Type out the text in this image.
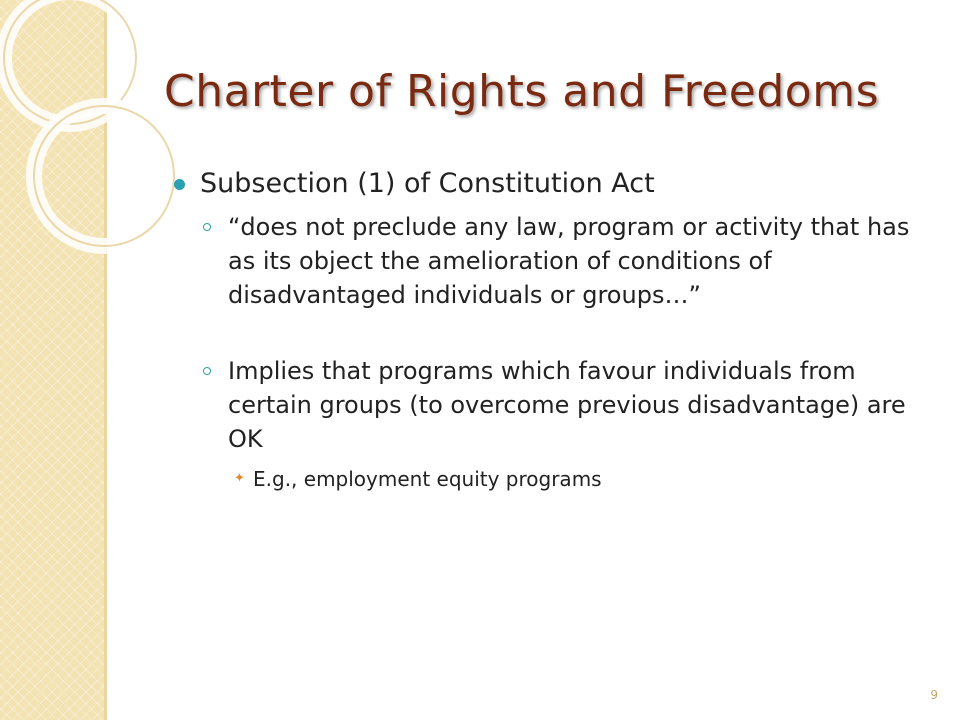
Charter of Rights and Freedoms
Subsection (1) of Constitution Act
“does not preclude any law, program or activity that has as its object the amelioration of conditions of disadvantaged individuals or groups…”
Implies that programs which favour individuals from certain groups (to overcome previous disadvantage) are OK
✦ E.g., employment equity programs
9
